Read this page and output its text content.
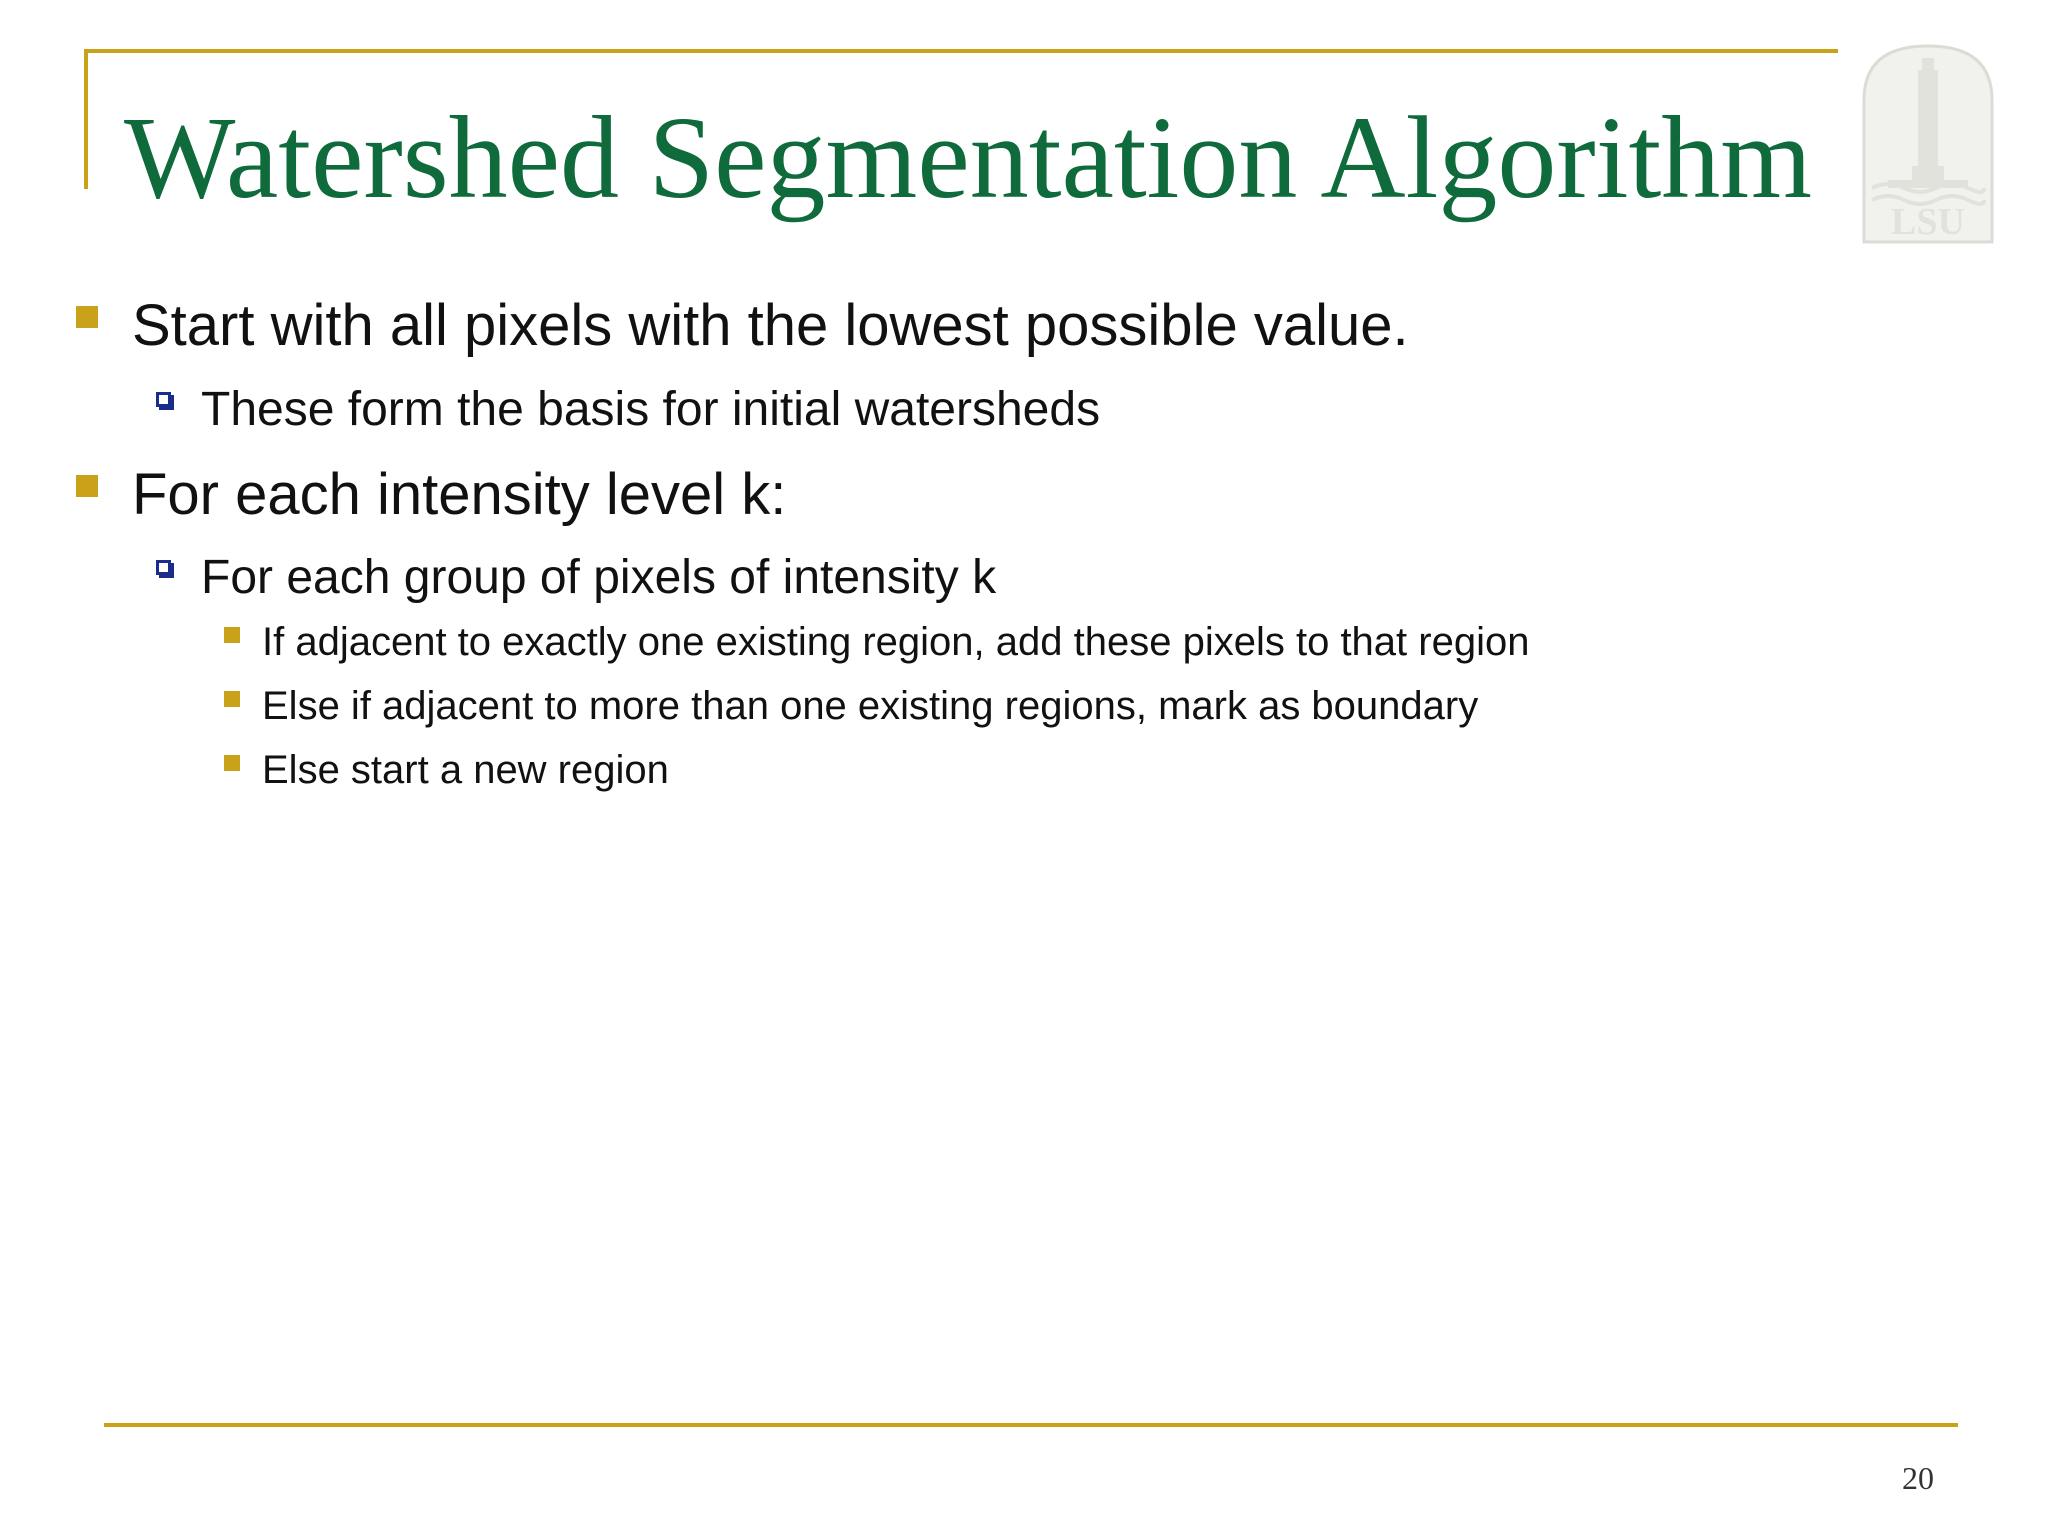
Watershed Segmentation Algorithm LSU
Start with all pixels with the lowest possible value.
These form the basis for initial watersheds
For each intensity level k:
For each group of pixels of intensity k
If adjacent to exactly one existing region, add these pixels to that region
Else if adjacent to more than one existing regions, mark as boundary
Else start a new region
20
